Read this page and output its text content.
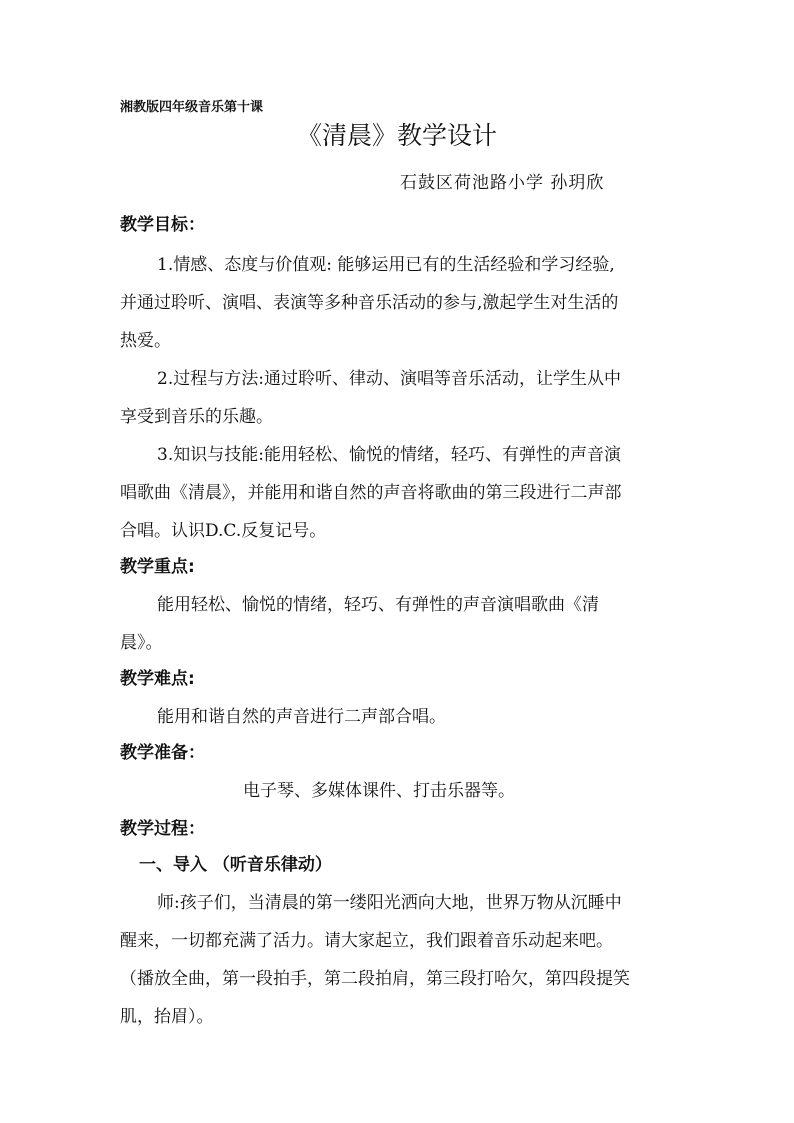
湘教版四年级音乐第十课
《清晨》教学设计
石鼓区荷池路小学 孙玥欣
教学目标：
1.情感、态度与价值观: 能够运用已有的生活经验和学习经验,
并通过聆听、演唱、表演等多种音乐活动的参与,激起学生对生活的
热爱。
2.过程与方法:通过聆听、律动、演唱等音乐活动，让学生从中
享受到音乐的乐趣。
3.知识与技能:能用轻松、愉悦的情绪，轻巧、有弹性的声音演
唱歌曲《清晨》，并能用和谐自然的声音将歌曲的第三段进行二声部
合唱。认识D.C.反复记号。
教学重点:
能用轻松、愉悦的情绪，轻巧、有弹性的声音演唱歌曲《清
晨》。
教学难点:
能用和谐自然的声音进行二声部合唱。
教学准备：
电子琴、多媒体课件、打击乐器等。
教学过程：
一、导入 （听音乐律动）
师:孩子们，当清晨的第一缕阳光洒向大地，世界万物从沉睡中
醒来，一切都充满了活力。请大家起立，我们跟着音乐动起来吧。
（播放全曲，第一段拍手，第二段拍肩，第三段打哈欠，第四段提笑
肌，抬眉）。
